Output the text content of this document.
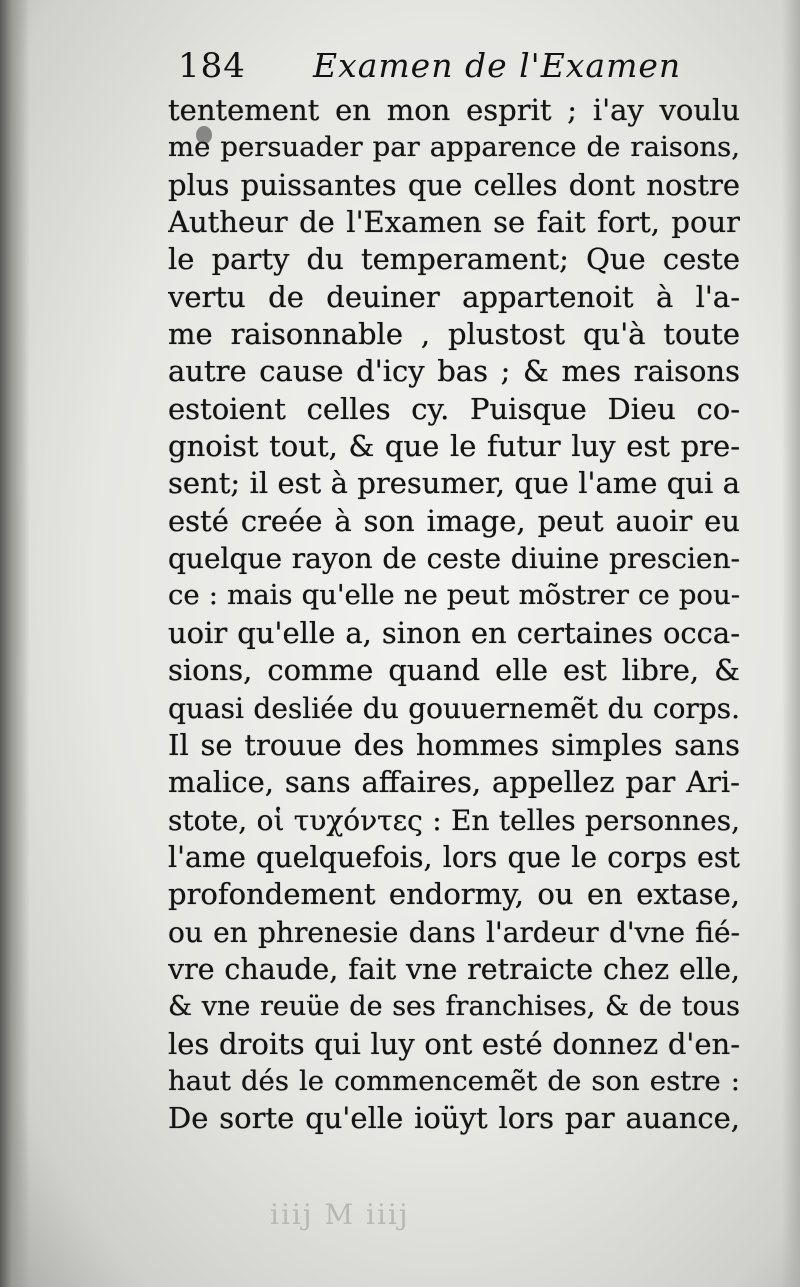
184 Examen de l'Examen
tentement en mon esprit ; i'ay voulu
me persuader par apparence de raisons,
plus puissantes que celles dont nostre
Autheur de l'Examen se fait fort, pour
le party du temperament; Que ceste
vertu de deuiner appartenoit à l'a-
me raisonnable , plustost qu'à toute
autre cause d'icy bas ; & mes raisons
estoient celles cy. Puisque Dieu co-
gnoist tout, & que le futur luy est pre-
sent; il est à presumer, que l'ame qui a
esté creée à son image, peut auoir eu
quelque rayon de ceste diuine prescien-
ce : mais qu'elle ne peut mõstrer ce pou-
uoir qu'elle a, sinon en certaines occa-
sions, comme quand elle est libre, &
quasi desliée du gouuernemẽt du corps.
Il se trouue des hommes simples sans
malice, sans affaires, appellez par Ari-
stote, οἱ τυχόντες : En telles personnes,
l'ame quelquefois, lors que le corps est
profondement endormy, ou en extase,
ou en phrenesie dans l'ardeur d'vne fié-
vre chaude, fait vne retraicte chez elle,
& vne reuüe de ses franchises, & de tous
les droits qui luy ont esté donnez d'en-
haut dés le commencemẽt de son estre :
De sorte qu'elle ioüyt lors par auance,
iiij M iiij
